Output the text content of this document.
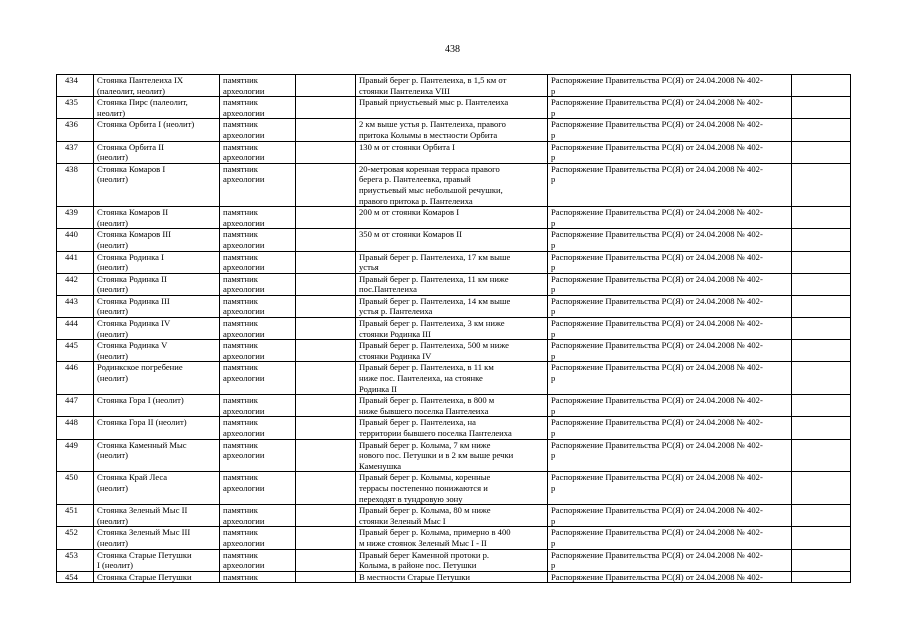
438
434	Стоянка Пантелеиха IX
(палеолит, неолит)	памятник
археологии		Правый берег р. Пантелеиха, в 1,5 км от
стоянки Пантелеиха VIII	Распоряжение Правительства РС(Я) от 24.04.2008 № 402-
р	
435	Стоянка Пирс (палеолит,
неолит)	памятник
археологии		Правый приустьевый мыс р. Пантелеиха	Распоряжение Правительства РС(Я) от 24.04.2008 № 402-
р	
436	Стоянка Орбита I (неолит)	памятник
археологии		2 км выше устья р. Пантелеиха, правого
притока Колымы в местности Орбита	Распоряжение Правительства РС(Я) от 24.04.2008 № 402-
р	
437	Стоянка Орбита II
(неолит)	памятник
археологии		130 м от стоянки Орбита I	Распоряжение Правительства РС(Я) от 24.04.2008 № 402-
р	
438	Стоянка Комаров I
(неолит)	памятник
археологии		20-метровая коренная терраса правого
берега р. Пантелеевка, правый
приустьевый мыс небольшой речушки,
правого притока р. Пантелеиха	Распоряжение Правительства РС(Я) от 24.04.2008 № 402-
р	
439	Стоянка Комаров II
(неолит)	памятник
археологии		200 м от стоянки Комаров I	Распоряжение Правительства РС(Я) от 24.04.2008 № 402-
р	
440	Стоянка Комаров III
(неолит)	памятник
археологии		350 м от стоянки Комаров II	Распоряжение Правительства РС(Я) от 24.04.2008 № 402-
р	
441	Стоянка Родинка I
(неолит)	памятник
археологии		Правый берег р. Пантелеиха, 17 км выше
устья	Распоряжение Правительства РС(Я) от 24.04.2008 № 402-
р	
442	Стоянка Родинка II
(неолит)	памятник
археологии		Правый берег р. Пантелеиха, 11 км ниже
пос.Пантелеиха	Распоряжение Правительства РС(Я) от 24.04.2008 № 402-
р	
443	Стоянка Родинка III
(неолит)	памятник
археологии		Правый берег р. Пантелеиха, 14 км выше
устья р. Пантелеиха	Распоряжение Правительства РС(Я) от 24.04.2008 № 402-
р	
444	Стоянка Родинка IV
(неолит)	памятник
археологии		Правый берег р. Пантелеиха, 3 км ниже
стоянки Родинка III	Распоряжение Правительства РС(Я) от 24.04.2008 № 402-
р	
445	Стоянка Родинка V
(неолит)	памятник
археологии		Правый берег р. Пантелеиха, 500 м ниже
стоянки Родинка IV	Распоряжение Правительства РС(Я) от 24.04.2008 № 402-
р	
446	Родинкское погребение
(неолит)	памятник
археологии		Правый берег р. Пантелеиха, в 11 км
ниже пос. Пантелеиха, на стоянке
Родинка II	Распоряжение Правительства РС(Я) от 24.04.2008 № 402-
р	
447	Стоянка Гора I (неолит)	памятник
археологии		Правый берег р. Пантелеиха, в 800 м
ниже бывшего поселка Пантелеиха	Распоряжение Правительства РС(Я) от 24.04.2008 № 402-
р	
448	Стоянка Гора II (неолит)	памятник
археологии		Правый берег р. Пантелеиха, на
территории бывшего поселка Пантелеиха	Распоряжение Правительства РС(Я) от 24.04.2008 № 402-
р	
449	Стоянка Каменный Мыс
(неолит)	памятник
археологии		Правый берег р. Колыма, 7 км ниже
нового пос. Петушки и в 2 км выше речки
Каменушка	Распоряжение Правительства РС(Я) от 24.04.2008 № 402-
р	
450	Стоянка Край Леса
(неолит)	памятник
археологии		Правый берег р. Колымы, коренные
террасы постепенно понижаются и
переходят в тундровую зону	Распоряжение Правительства РС(Я) от 24.04.2008 № 402-
р	
451	Стоянка Зеленый Мыс II
(неолит)	памятник
археологии		Правый берег р. Колыма, 80 м ниже
стоянки Зеленый Мыс I	Распоряжение Правительства РС(Я) от 24.04.2008 № 402-
р	
452	Стоянка Зеленый Мыс III
(неолит)	памятник
археологии		Правый берег р. Колыма, примерно в 400
м ниже стоянок Зеленый Мыс I - II	Распоряжение Правительства РС(Я) от 24.04.2008 № 402-
р	
453	Стоянка Старые Петушки
I (неолит)	памятник
археологии		Правый берег Каменной протоки р.
Колыма, в районе пос. Петушки	Распоряжение Правительства РС(Я) от 24.04.2008 № 402-
р	
454	Стоянка Старые Петушки	памятник		В местности Старые Петушки	Распоряжение Правительства РС(Я) от 24.04.2008 № 402-	
